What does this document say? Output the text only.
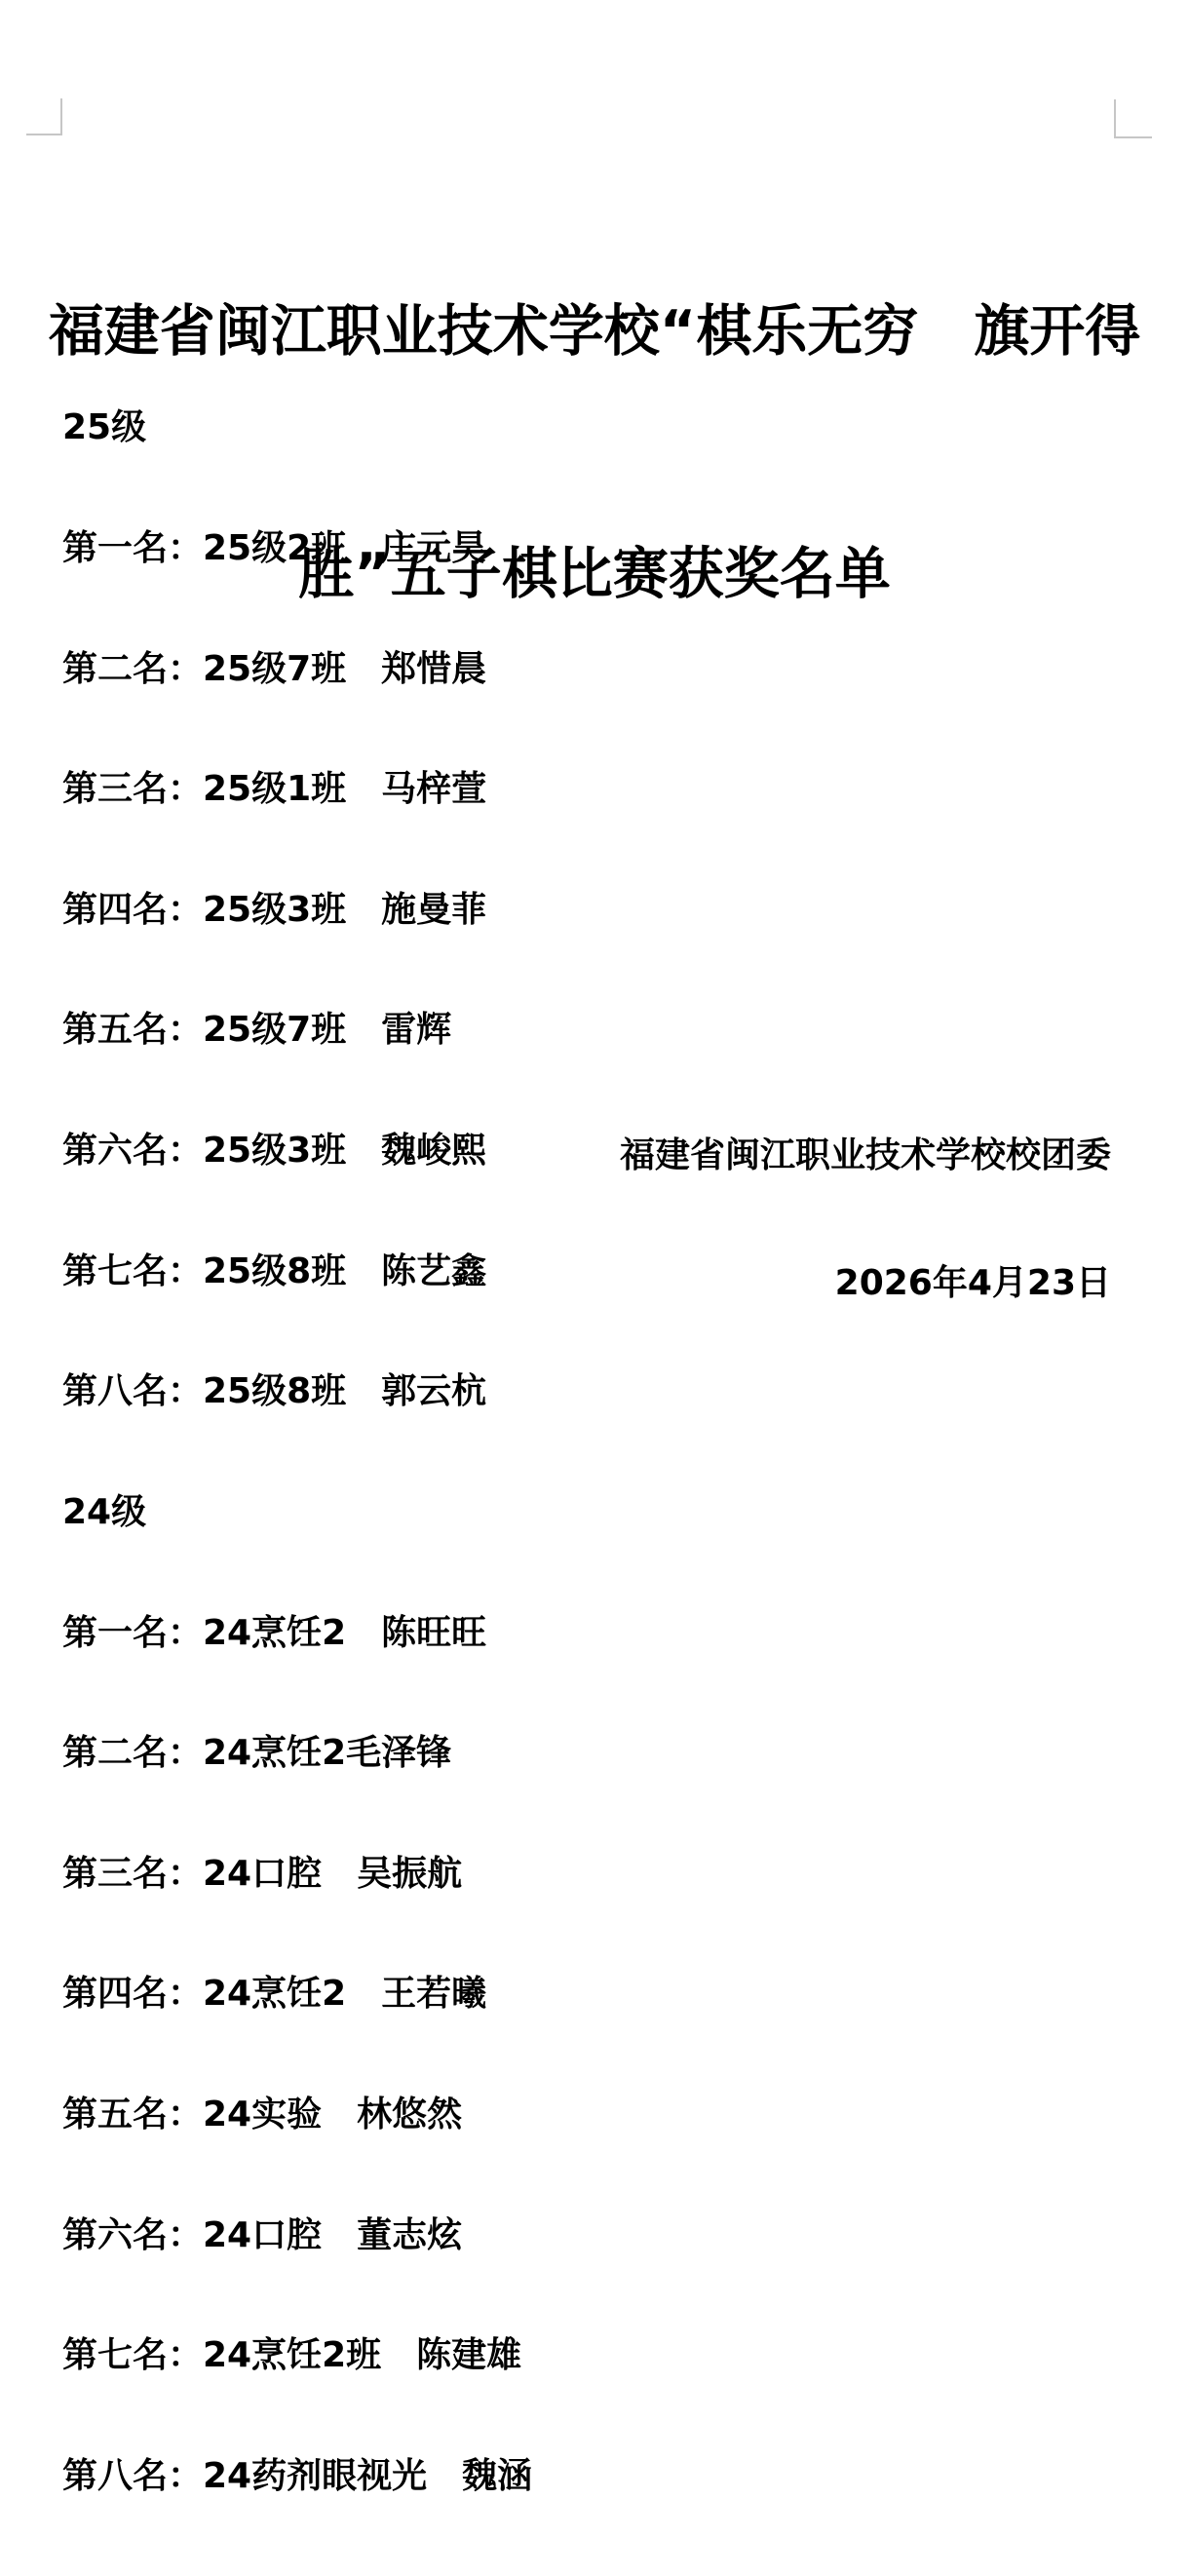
福建省闽江职业技术学校“棋乐无穷　旗开得

胜”五子棋比赛获奖名单

25级

第一名：25级2班　庄元昊

第二名：25级7班　郑惜晨

第三名：25级1班　马梓萱

第四名：25级3班　施曼菲

第五名：25级7班　雷辉

第六名：25级3班　魏峻熙

第七名：25级8班　陈艺鑫

第八名：25级8班　郭云杭

24级

第一名：24烹饪2　陈旺旺

第二名：24烹饪2毛泽锋

第三名：24口腔　吴振航

第四名：24烹饪2　王若曦

第五名：24实验　林悠然

第六名：24口腔　董志炫

第七名：24烹饪2班　陈建雄

第八名：24药剂眼视光　魏涵

福建省闽江职业技术学校校团委

2026年4月23日
